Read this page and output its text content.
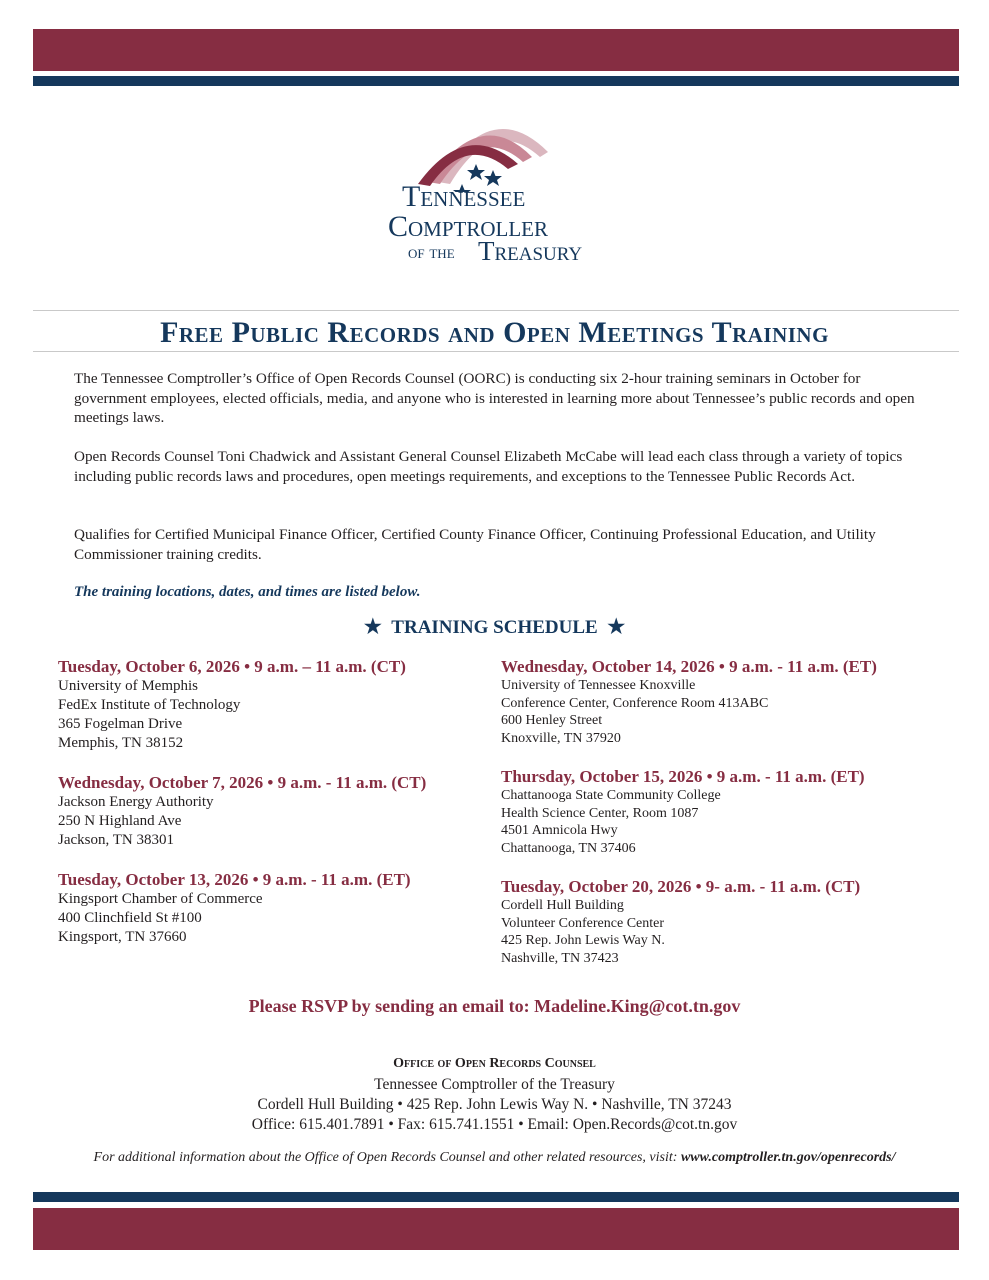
Tennessee
Comptroller
of the Treasury
Free Public Records and Open Meetings Training
The Tennessee Comptroller’s Office of Open Records Counsel (OORC) is conducting six 2-hour training seminars in October for government employees, elected officials, media, and anyone who is interested in learning more about Tennessee’s public records and open meetings laws.
Open Records Counsel Toni Chadwick and Assistant General Counsel Elizabeth McCabe will lead each class through a variety of topics including public records laws and procedures, open meetings requirements, and exceptions to the Tennessee Public Records Act.
Qualifies for Certified Municipal Finance Officer, Certified County Finance Officer, Continuing Professional Education, and Utility Commissioner training credits.
The training locations, dates, and times are listed below.
★ TRAINING SCHEDULE ★
Tuesday, October 6, 2026 • 9 a.m. – 11 a.m. (CT)
University of Memphis
FedEx Institute of Technology
365 Fogelman Drive
Memphis, TN 38152
Wednesday, October 7, 2026 • 9 a.m. - 11 a.m. (CT)
Jackson Energy Authority
250 N Highland Ave
Jackson, TN 38301
Tuesday, October 13, 2026 • 9 a.m. - 11 a.m. (ET)
Kingsport Chamber of Commerce
400 Clinchfield St #100
Kingsport, TN 37660
Wednesday, October 14, 2026 • 9 a.m. - 11 a.m. (ET)
University of Tennessee Knoxville
Conference Center, Conference Room 413ABC
600 Henley Street
Knoxville, TN 37920
Thursday, October 15, 2026 • 9 a.m. - 11 a.m. (ET)
Chattanooga State Community College
Health Science Center, Room 1087
4501 Amnicola Hwy
Chattanooga, TN 37406
Tuesday, October 20, 2026 • 9- a.m. - 11 a.m. (CT)
Cordell Hull Building
Volunteer Conference Center
425 Rep. John Lewis Way N.
Nashville, TN 37423
Please RSVP by sending an email to: Madeline.King@cot.tn.gov
Office of Open Records Counsel
Tennessee Comptroller of the Treasury
Cordell Hull Building • 425 Rep. John Lewis Way N. • Nashville, TN 37243
Office: 615.401.7891 • Fax: 615.741.1551 • Email: Open.Records@cot.tn.gov
For additional information about the Office of Open Records Counsel and other related resources, visit: www.comptroller.tn.gov/openrecords/
